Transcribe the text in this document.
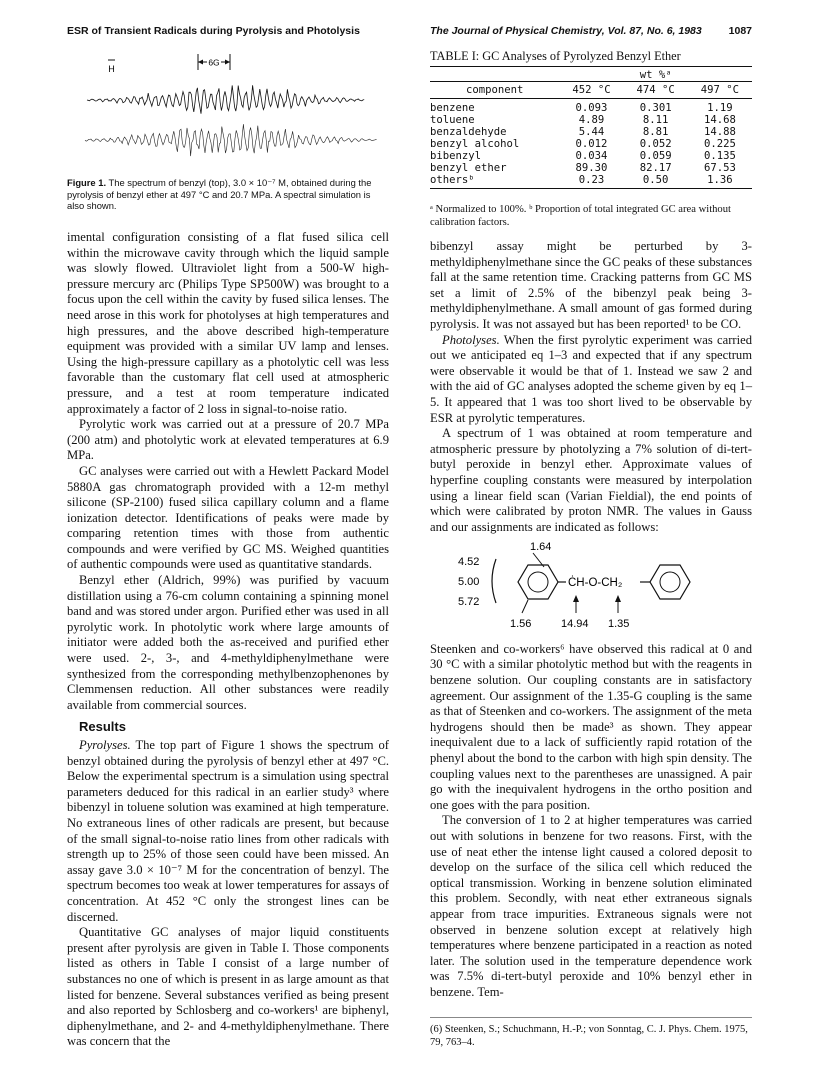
ESR of Transient Radicals during Pyrolysis and Photolysis	The Journal of Physical Chemistry, Vol. 87, No. 6, 1983	1087
H
6G
Figure 1. The spectrum of benzyl (top), 3.0 × 10⁻⁷ M, obtained during the pyrolysis of benzyl ether at 497 °C and 20.7 MPa. A spectral simulation is also shown.

imental configuration consisting of a flat fused silica cell within the microwave cavity through which the liquid sample was slowly flowed. Ultraviolet light from a 500-W high-pressure mercury arc (Philips Type SP500W) was brought to a focus upon the cell within the cavity by fused silica lenses. The need arose in this work for photolyses at high temperatures and high pressures, and the above described high-temperature equipment was provided with a similar UV lamp and lenses. Using the high-pressure capillary as a photolytic cell was less favorable than the customary flat cell used at atmospheric pressure, and a test at room temperature indicated approximately a factor of 2 loss in signal-to-noise ratio.

Pyrolytic work was carried out at a pressure of 20.7 MPa (200 atm) and photolytic work at elevated temperatures at 6.9 MPa.

GC analyses were carried out with a Hewlett Packard Model 5880A gas chromatograph provided with a 12-m methyl silicone (SP-2100) fused silica capillary column and a flame ionization detector. Identifications of peaks were made by comparing retention times with those from authentic compounds and were verified by GC MS. Weighed quantities of authentic compounds were used as quantitative standards.

Benzyl ether (Aldrich, 99%) was purified by vacuum distillation using a 76-cm column containing a spinning monel band and was stored under argon. Purified ether was used in all pyrolytic work. In photolytic work where large amounts of initiator were added both the as-received and purified ether were used. 2-, 3-, and 4-methyldiphenylmethane were synthesized from the corresponding methylbenzophenones by Clemmensen reduction. All other substances were readily available from commercial sources.

Results

Pyrolyses. The top part of Figure 1 shows the spectrum of benzyl obtained during the pyrolysis of benzyl ether at 497 °C. Below the experimental spectrum is a simulation using spectral parameters deduced for this radical in an earlier study³ where bibenzyl in toluene solution was examined at high temperature. No extraneous lines of other radicals are present, but because of the small signal-to-noise ratio lines from other radicals with strength up to 25% of those seen could have been missed. An assay gave 3.0 × 10⁻⁷ M for the concentration of benzyl. The spectrum becomes too weak at lower temperatures for assays of concentration. At 452 °C only the strongest lines can be discerned.

Quantitative GC analyses of major liquid constituents present after pyrolysis are given in Table I. Those components listed as others in Table I consist of a large number of substances no one of which is present in as large amount as that listed for benzene. Several substances verified as being present and also reported by Schlosberg and co-workers¹ are biphenyl, diphenylmethane, and 2- and 4-methyldiphenylmethane. There was concern that the

TABLE I: GC Analyses of Pyrolyzed Benzyl Ether
	wt %ᵃ		
component	452 °C	474 °C	497 °C
benzene	0.093	0.301	1.19
toluene	4.89	8.11	14.68
benzaldehyde	5.44	8.81	14.88
benzyl alcohol	0.012	0.052	0.225
bibenzyl	0.034	0.059	0.135
benzyl ether	89.30	82.17	67.53
othersᵇ	0.23	0.50	1.36
ᵃ Normalized to 100%. ᵇ Proportion of total integrated GC area without calibration factors.

bibenzyl assay might be perturbed by 3-methyldiphenylmethane since the GC peaks of these substances fall at the same retention time. Cracking patterns from GC MS set a limit of 2.5% of the bibenzyl peak being 3-methyldiphenylmethane. A small amount of gas formed during pyrolysis. It was not assayed but has been reported¹ to be CO.

Photolyses. When the first pyrolytic experiment was carried out we anticipated eq 1–3 and expected that if any spectrum were observable it would be that of 1. Instead we saw 2 and with the aid of GC analyses adopted the scheme given by eq 1–5. It appeared that 1 was too short lived to be observable by ESR at pyrolytic temperatures.

A spectrum of 1 was obtained at room temperature and atmospheric pressure by photolyzing a 7% solution of di-tert-butyl peroxide in benzyl ether. Approximate values of hyperfine coupling constants were measured by interpolation using a linear field scan (Varian Fieldial), the end points of which were calibrated by proton NMR. The values in Gauss and our assignments are indicated as follows:

1.64
4.52
5.00
5.72
ĊH-O-CH₂
1.56	14.94 1.35

Steenken and co-workers⁶ have observed this radical at 0 and 30 °C with a similar photolytic method but with the reagents in benzene solution. Our coupling constants are in satisfactory agreement. Our assignment of the 1.35-G coupling is the same as that of Steenken and co-workers. The assignment of the meta hydrogens should then be made³ as shown. They appear inequivalent due to a lack of sufficiently rapid rotation of the phenyl about the bond to the carbon with high spin density. The coupling values next to the parentheses are unassigned. A pair go with the inequivalent hydrogens in the ortho position and one goes with the para position.

The conversion of 1 to 2 at higher temperatures was carried out with solutions in benzene for two reasons. First, with the use of neat ether the intense light caused a colored deposit to develop on the surface of the silica cell which reduced the optical transmission. Working in benzene solution eliminated this problem. Secondly, with neat ether extraneous signals appear from trace impurities. Extraneous signals were not observed in benzene solution except at relatively high temperatures where benzene participated in a reaction as noted later. The solution used in the temperature dependence work was 7.5% di-tert-butyl peroxide and 10% benzyl ether in benzene. Tem-

(6) Steenken, S.; Schuchmann, H.-P.; von Sonntag, C. J. Phys. Chem. 1975, 79, 763–4.
